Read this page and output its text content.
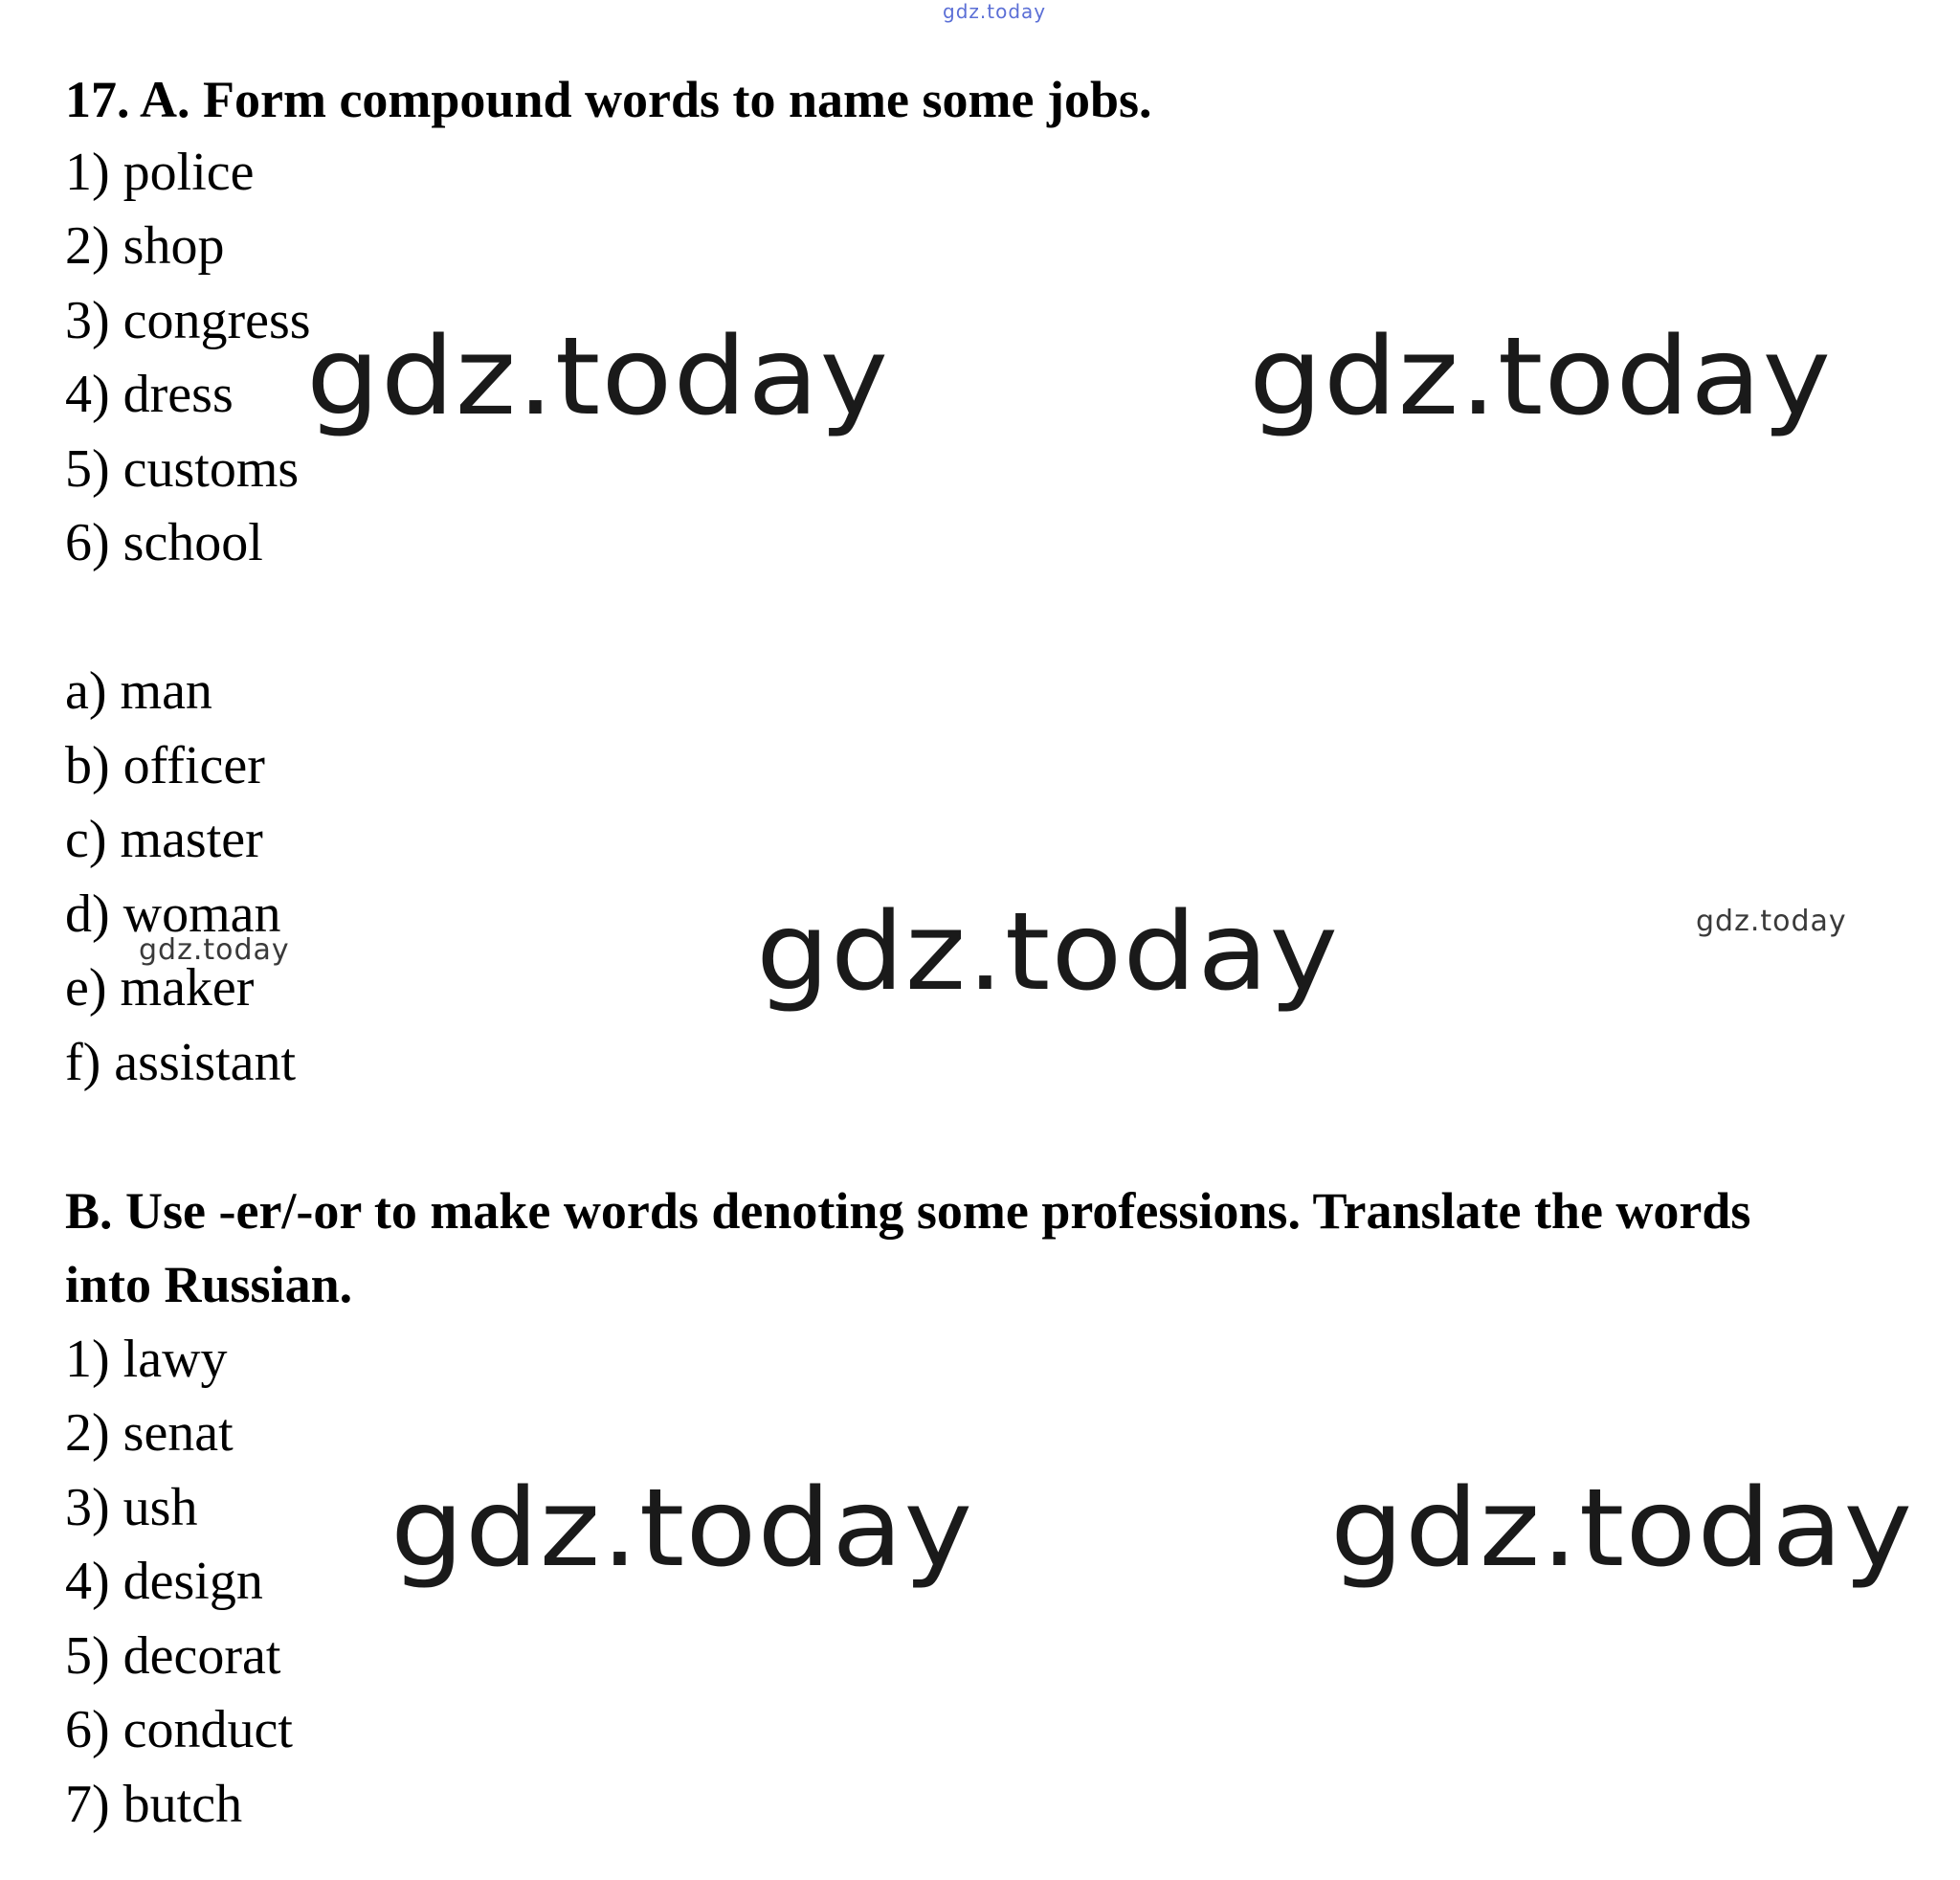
gdz.today
gdz.today	gdz.today
gdz.today	gdz.today
gdz.today
gdz.today	gdz.today
17. A. Form compound words to name some jobs.
1) police
2) shop
3) congress
4) dress
5) customs
6) school
a) man
b) officer
c) master
d) woman
e) maker
f) assistant
B. Use -er/-or to make words denoting some professions. Translate the words
into Russian.
1) lawy
2) senat
3) ush
4) design
5) decorat
6) conduct
7) butch
